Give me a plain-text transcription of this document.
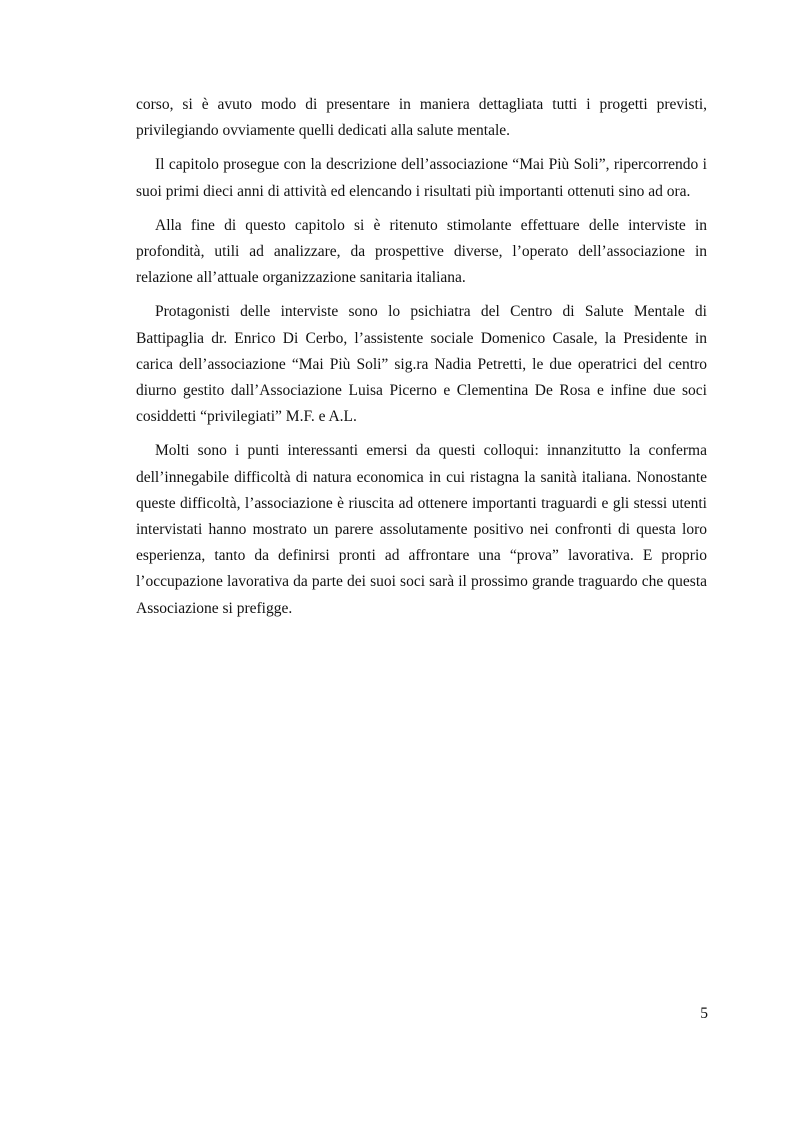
corso, si è avuto modo di presentare in maniera dettagliata tutti i progetti previsti, privilegiando ovviamente quelli dedicati alla salute mentale.

Il capitolo prosegue con la descrizione dell’associazione “Mai Più Soli”, ripercorrendo i suoi primi dieci anni di attività ed elencando i risultati più importanti ottenuti sino ad ora.

Alla fine di questo capitolo si è ritenuto stimolante effettuare delle interviste in profondità, utili ad analizzare, da prospettive diverse, l’operato dell’associazione in relazione all’attuale organizzazione sanitaria italiana.

Protagonisti delle interviste sono lo psichiatra del Centro di Salute Mentale di Battipaglia dr. Enrico Di Cerbo, l’assistente sociale Domenico Casale, la Presidente in carica dell’associazione “Mai Più Soli” sig.ra Nadia Petretti, le due operatrici del centro diurno gestito dall’Associazione Luisa Picerno e Clementina De Rosa e infine due soci cosiddetti “privilegiati” M.F. e A.L.

Molti sono i punti interessanti emersi da questi colloqui: innanzitutto la conferma dell’innegabile difficoltà di natura economica in cui ristagna la sanità italiana. Nonostante queste difficoltà, l’associazione è riuscita ad ottenere importanti traguardi e gli stessi utenti intervistati hanno mostrato un parere assolutamente positivo nei confronti di questa loro esperienza, tanto da definirsi pronti ad affrontare una “prova” lavorativa. E proprio l’occupazione lavorativa da parte dei suoi soci sarà il prossimo grande traguardo che questa Associazione si prefigge.

5
